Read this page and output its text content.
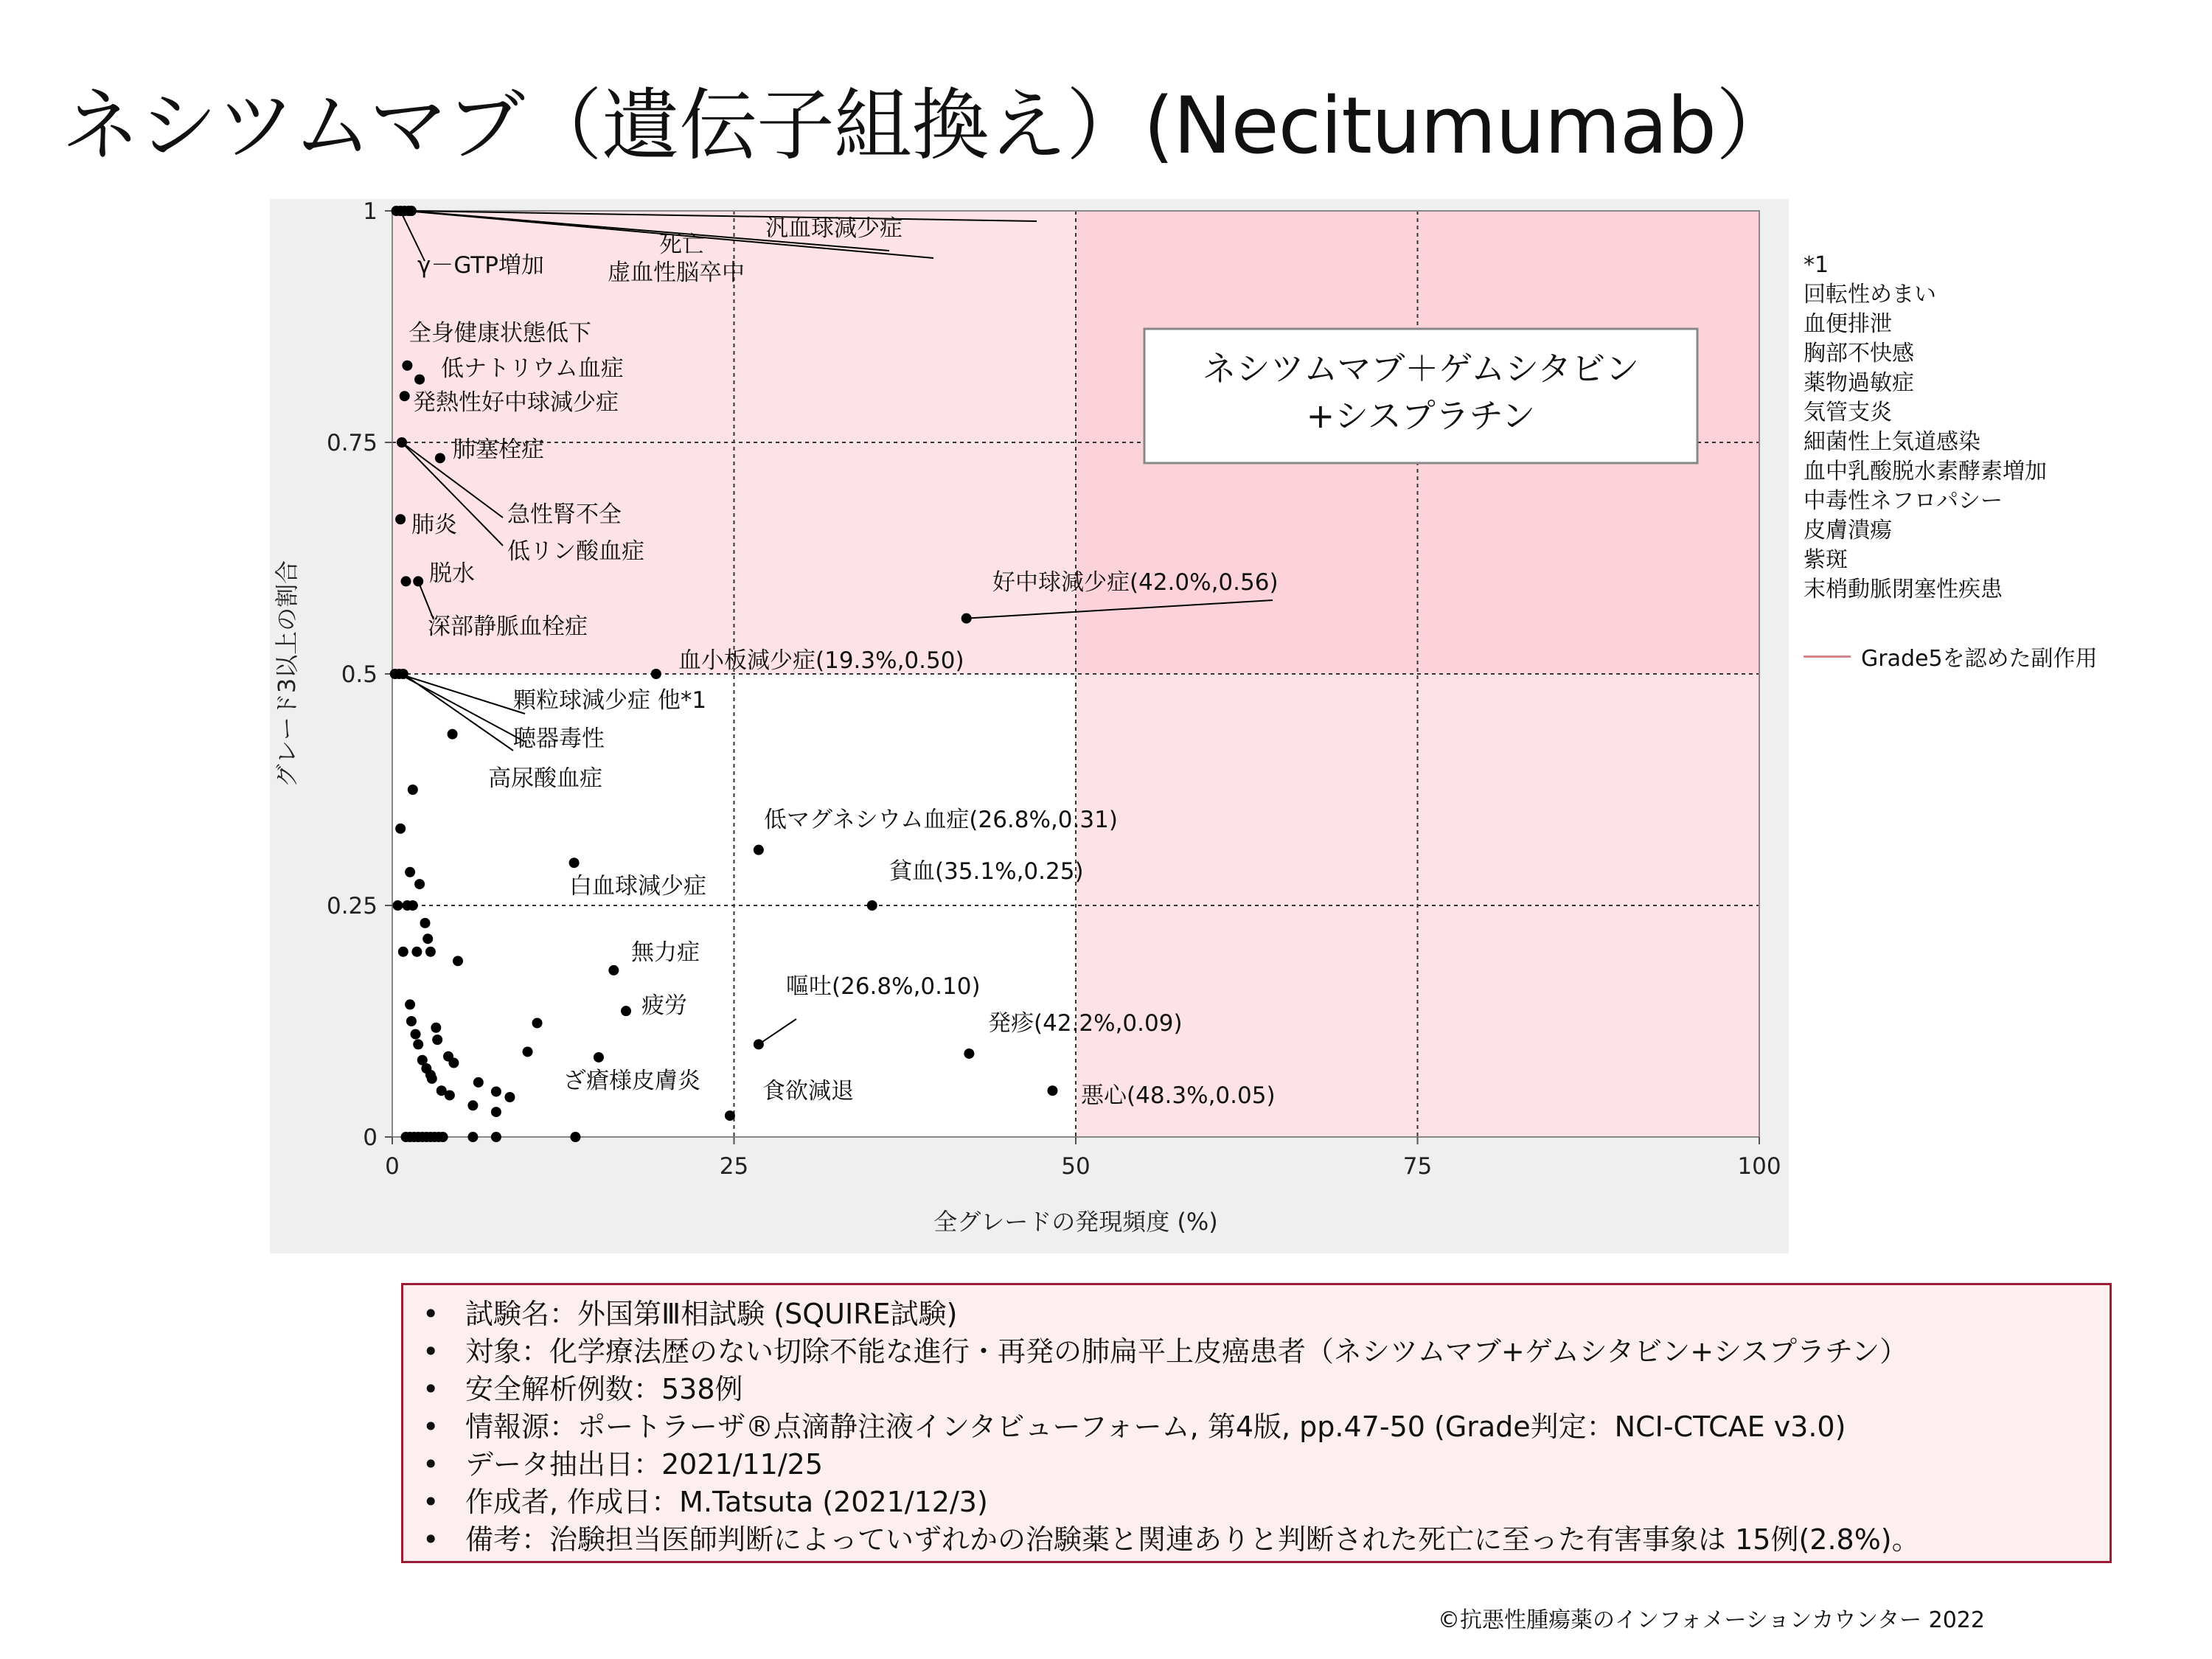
ネシツムマブ（遺伝子組換え）(Necitumumab）
0	25	50	75	100
0
0.25
0.5
0.75
1
全グレードの発現頻度 (%)
グレード3以上の割合
ネシツムマブ＋ゲムシタビン
+シスプラチン
汎血球減少症
死亡
虚血性脳卒中
γ－GTP増加
全身健康状態低下
低ナトリウム血症
発熱性好中球減少症
肺塞栓症
急性腎不全
低リン酸血症
肺炎
脱水
深部静脈血栓症
好中球減少症(42.0%,0.56)
血小板減少症(19.3%,0.50)
顆粒球減少症 他*1
聴器毒性
高尿酸血症
低マグネシウム血症(26.8%,0.31)
白血球減少症
貧血(35.1%,0.25)
無力症
疲労
嘔吐(26.8%,0.10)
発疹(42.2%,0.09)
ざ瘡様皮膚炎	食欲減退	悪心(48.3%,0.05)
*1
回転性めまい
血便排泄
胸部不快感
薬物過敏症
気管支炎
細菌性上気道感染
血中乳酸脱水素酵素増加
中毒性ネフロパシー
皮膚潰瘍
紫斑
末梢動脈閉塞性疾患
Grade5を認めた副作用
• 試験名：外国第Ⅲ相試験 (SQUIRE試験)
• 対象：化学療法歴のない切除不能な進行・再発の肺扁平上皮癌患者（ネシツムマブ+ゲムシタビン+シスプラチン）
• 安全解析例数：538例
• 情報源：ポートラーザ®点滴静注液インタビューフォーム, 第4版, pp.47-50 (Grade判定：NCI-CTCAE v3.0)
• データ抽出日：2021/11/25
• 作成者, 作成日：M.Tatsuta (2021/12/3)
• 備考：治験担当医師判断によっていずれかの治験薬と関連ありと判断された死亡に至った有害事象は 15例(2.8%)。
©抗悪性腫瘍薬のインフォメーションカウンター 2022
